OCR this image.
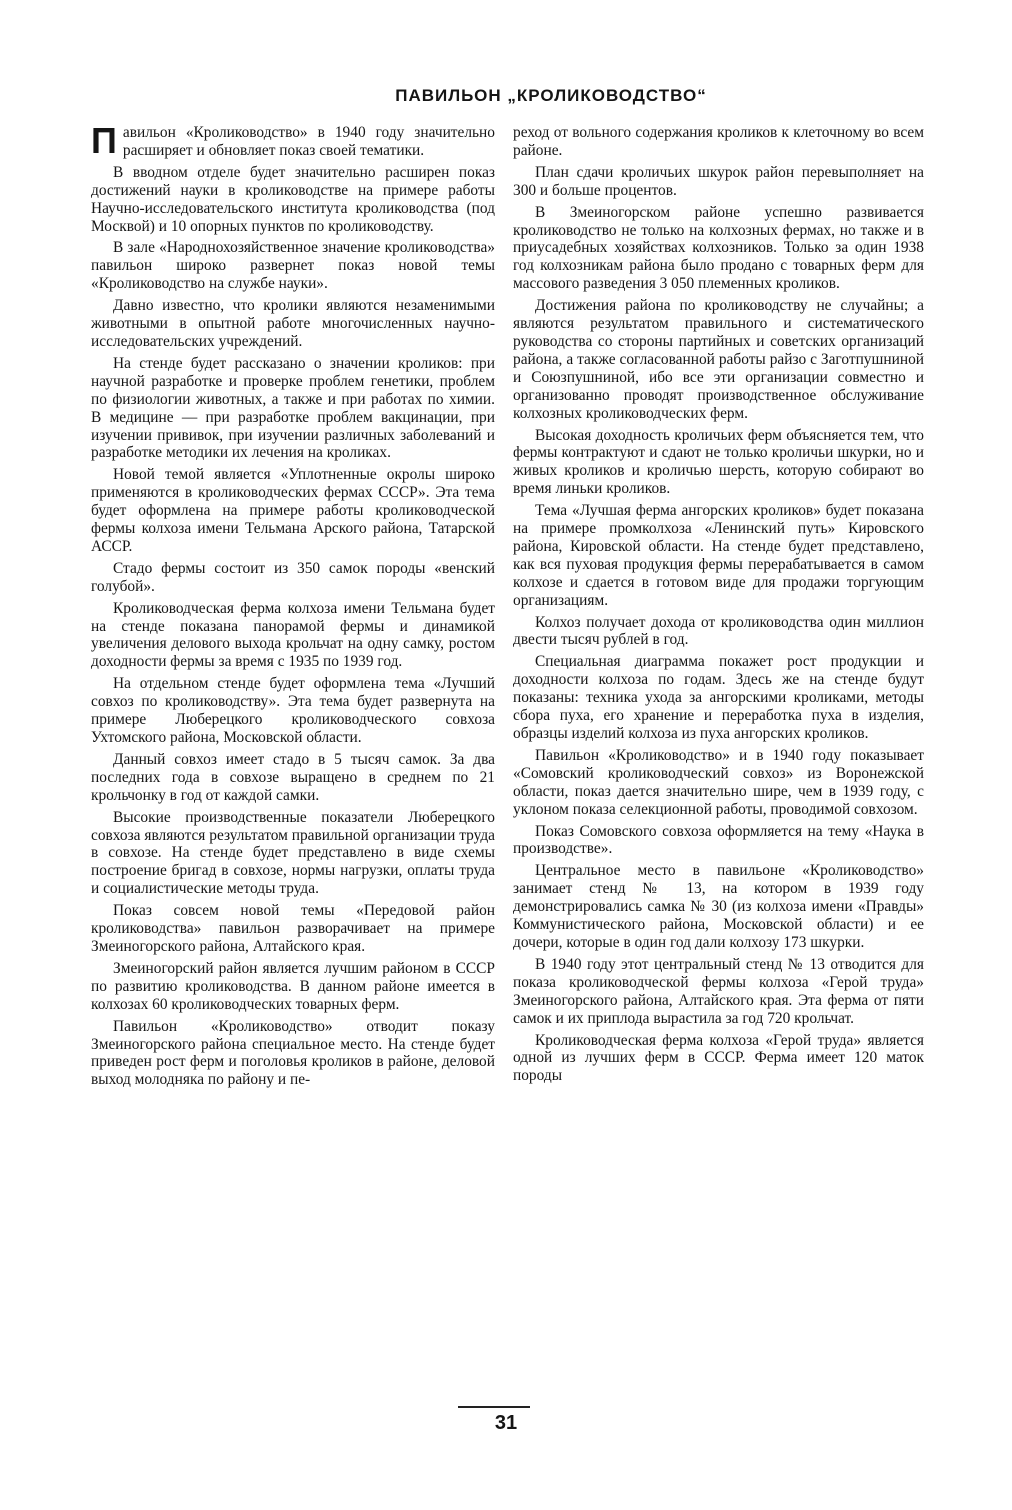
ПАВИЛЬОН „КРОЛИКОВОДСТВО“

Павильон «Кролиководство» в 1940 году значительно расширяет и обновляет показ своей тематики.

В вводном отделе будет значительно расширен показ достижений науки в кролиководстве на примере работы Научно-исследовательского института кролиководства (под Москвой) и 10 опорных пунктов по кролиководству.

В зале «Народнохозяйственное значение кролиководства» павильон широко развернет показ новой темы «Кролиководство на службе науки».

Давно известно, что кролики являются незаменимыми животными в опытной работе многочисленных научно-исследовательских учреждений.

На стенде будет рассказано о значении кроликов: при научной разработке и проверке проблем генетики, проблем по физиологии животных, а также и при работах по химии. В медицине — при разработке проблем вакцинации, при изучении прививок, при изучении различных заболеваний и разработке методики их лечения на кроликах.

Новой темой является «Уплотненные окролы широко применяются в кролиководческих фермах СССР». Эта тема будет оформлена на примере работы кролиководческой фермы колхоза имени Тельмана Арского района, Татарской АССР.

Стадо фермы состоит из 350 самок породы «венский голубой».

Кролиководческая ферма колхоза имени Тельмана будет на стенде показана панорамой фермы и динамикой увеличения делового выхода крольчат на одну самку, ростом доходности фермы за время с 1935 по 1939 год.

На отдельном стенде будет оформлена тема «Лучший совхоз по кролиководству». Эта тема будет развернута на примере Люберецкого кролиководческого совхоза Ухтомского района, Московской области.

Данный совхоз имеет стадо в 5 тысяч самок. За два последних года в совхозе выращено в среднем по 21 крольчонку в год от каждой самки.

Высокие производственные показатели Люберецкого совхоза являются результатом правильной организации труда в совхозе. На стенде будет представлено в виде схемы построение бригад в совхозе, нормы нагрузки, оплаты труда и социалистические методы труда.

Показ совсем новой темы «Передовой район кролиководства» павильон разворачивает на примере Змеиногорского района, Алтайского края.

Змеиногорский район является лучшим районом в СССР по развитию кролиководства. В данном районе имеется в колхозах 60 кролиководческих товарных ферм.

Павильон «Кролиководство» отводит показу Змеиногорского района специальное место. На стенде будет приведен рост ферм и поголовья кроликов в районе, деловой выход молодняка по району и пе-

реход от вольного содержания кроликов к клеточному во всем районе.

План сдачи кроличьих шкурок район перевыполняет на 300 и больше процентов.

В Змеиногорском районе успешно развивается кролиководство не только на колхозных фермах, но также и в приусадебных хозяйствах колхозников. Только за один 1938 год колхозникам района было продано с товарных ферм для массового разведения 3 050 племенных кроликов.

Достижения района по кролиководству не случайны; а являются результатом правильного и систематического руководства со стороны партийных и советских организаций района, а также согласованной работы райзо с Заготпушниной и Союзпушниной, ибо все эти организации совместно и организованно проводят производственное обслуживание колхозных кролиководческих ферм.

Высокая доходность кроличьих ферм объясняется тем, что фермы контрактуют и сдают не только кроличьи шкурки, но и живых кроликов и кроличью шерсть, которую собирают во время линьки кроликов.

Тема «Лучшая ферма ангорских кроликов» будет показана на примере промколхоза «Ленинский путь» Кировского района, Кировской области. На стенде будет представлено, как вся пуховая продукция фермы перерабатывается в самом колхозе и сдается в готовом виде для продажи торгующим организациям.

Колхоз получает дохода от кролиководства один миллион двести тысяч рублей в год.

Специальная диаграмма покажет рост продукции и доходности колхоза по годам. Здесь же на стенде будут показаны: техника ухода за ангорскими кроликами, методы сбора пуха, его хранение и переработка пуха в изделия, образцы изделий колхоза из пуха ангорских кроликов.

Павильон «Кролиководство» и в 1940 году показывает «Сомовский кролиководческий совхоз» из Воронежской области, показ дается значительно шире, чем в 1939 году, с уклоном показа селекционной работы, проводимой совхозом.

Показ Сомовского совхоза оформляется на тему «Наука в производстве».

Центральное место в павильоне «Кролиководство» занимает стенд № 13, на котором в 1939 году демонстрировались самка № 30 (из колхоза имени «Правды» Коммунистического района, Московской области) и ее дочери, которые в один год дали колхозу 173 шкурки.

В 1940 году этот центральный стенд № 13 отводится для показа кролиководческой фермы колхоза «Герой труда» Змеиногорского района, Алтайского края. Эта ферма от пяти самок и их приплода вырастила за год 720 крольчат.

Кролиководческая ферма колхоза «Герой труда» является одной из лучших ферм в СССР. Ферма имеет 120 маток породы

31
